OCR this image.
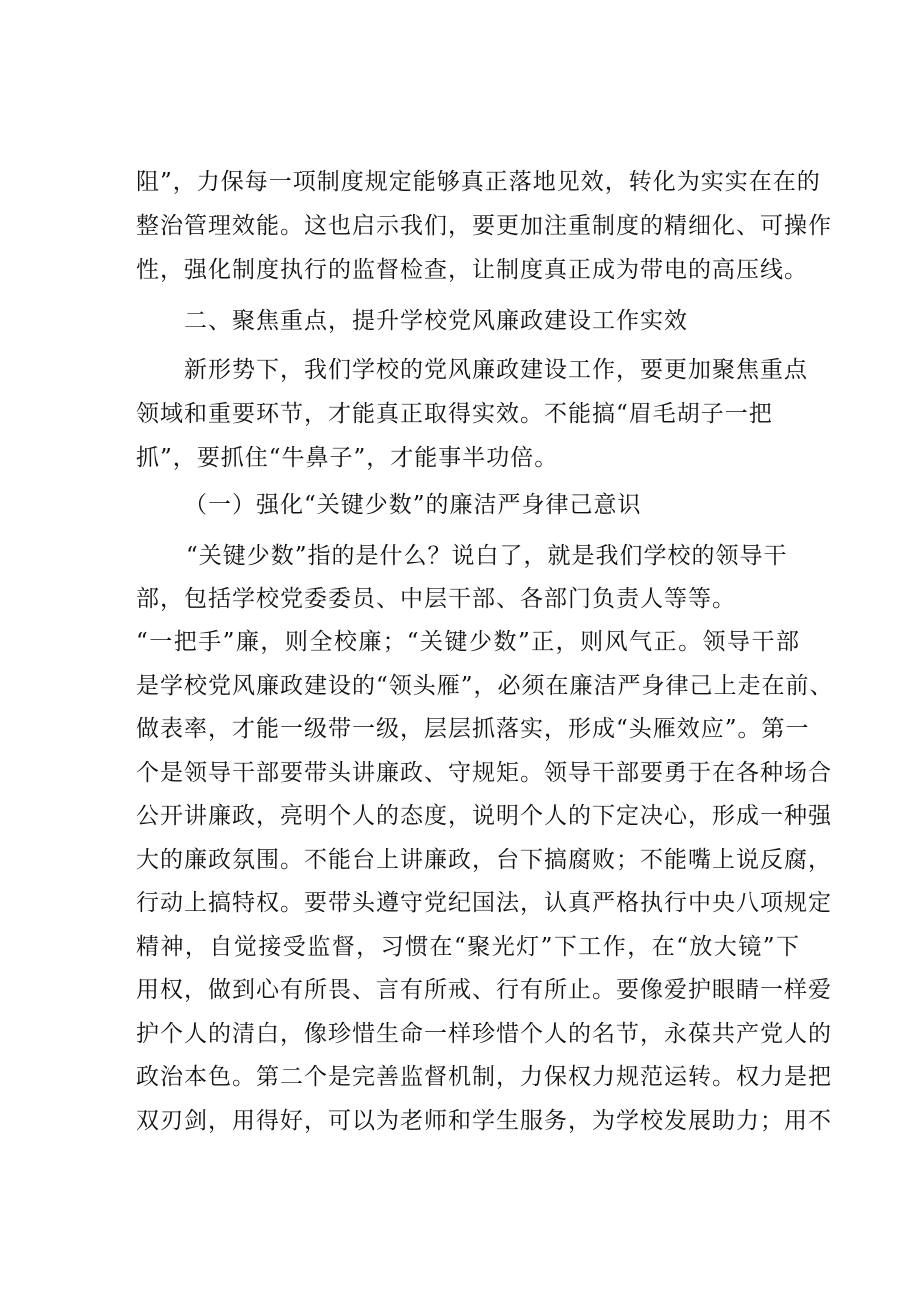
阻”，力保每一项制度规定能够真正落地见效，转化为实实在在的
整治管理效能。这也启示我们，要更加注重制度的精细化、可操作
性，强化制度执行的监督检查，让制度真正成为带电的高压线。
二、聚焦重点，提升学校党风廉政建设工作实效
新形势下，我们学校的党风廉政建设工作，要更加聚焦重点
领域和重要环节，才能真正取得实效。不能搞“眉毛胡子一把
抓”，要抓住“牛鼻子”，才能事半功倍。
（一）强化“关键少数”的廉洁严身律己意识
“关键少数”指的是什么？说白了，就是我们学校的领导干
部，包括学校党委委员、中层干部、各部门负责人等等。
“一把手”廉，则全校廉；“关键少数”正，则风气正。领导干部
是学校党风廉政建设的“领头雁”，必须在廉洁严身律己上走在前、
做表率，才能一级带一级，层层抓落实，形成“头雁效应”。第一
个是领导干部要带头讲廉政、守规矩。领导干部要勇于在各种场合
公开讲廉政，亮明个人的态度，说明个人的下定决心，形成一种强
大的廉政氛围。不能台上讲廉政，台下搞腐败；不能嘴上说反腐，
行动上搞特权。要带头遵守党纪国法，认真严格执行中央八项规定
精神，自觉接受监督，习惯在“聚光灯”下工作，在“放大镜”下
用权，做到心有所畏、言有所戒、行有所止。要像爱护眼睛一样爱
护个人的清白，像珍惜生命一样珍惜个人的名节，永葆共产党人的
政治本色。第二个是完善监督机制，力保权力规范运转。权力是把
双刃剑，用得好，可以为老师和学生服务，为学校发展助力；用不
